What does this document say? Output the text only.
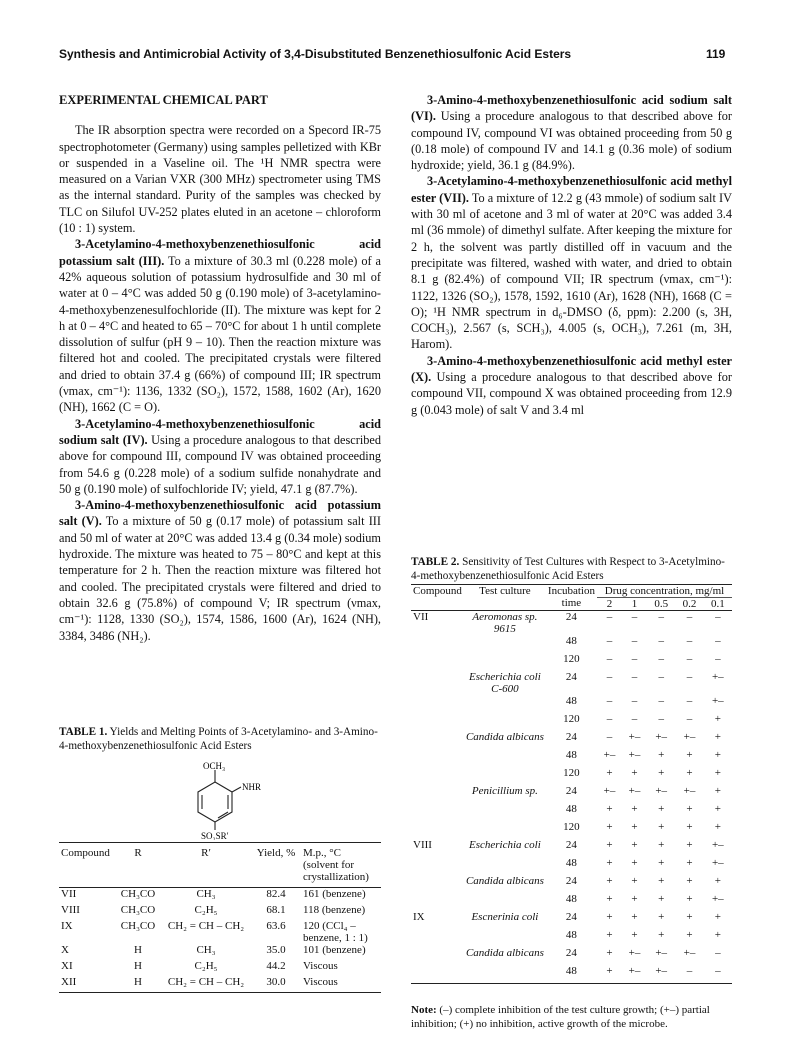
Synthesis and Antimicrobial Activity of 3,4-Disubstituted Benzenethiosulfonic Acid Esters	119
EXPERIMENTAL CHEMICAL PART

The IR absorption spectra were recorded on a Specord IR-75 spectrophotometer (Germany) using samples pelletized with KBr or suspended in a Vaseline oil. The ¹H NMR spectra were measured on a Varian VXR (300 MHz) spectrometer using TMS as the internal standard. Purity of the samples was checked by TLC on Silufol UV-252 plates eluted in an acetone – chloroform (10 : 1) system.

3-Acetylamino-4-methoxybenzenethiosulfonic acid potassium salt (III). To a mixture of 30.3 ml (0.228 mole) of a 42% aqueous solution of potassium hydrosulfide and 30 ml of water at 0 – 4°C was added 50 g (0.190 mole) of 3-acetylamino-4-methoxybenzenesulfochloride (II). The mixture was kept for 2 h at 0 – 4°C and heated to 65 – 70°C for about 1 h until complete dissolution of sulfur (pH 9 – 10). Then the reaction mixture was filtered hot and cooled. The precipitated crystals were filtered and dried to obtain 37.4 g (66%) of compound III; IR spectrum (νmax, cm⁻¹): 1136, 1332 (SO₂), 1572, 1588, 1602 (Ar), 1620 (NH), 1662 (C = O).

3-Acetylamino-4-methoxybenzenethiosulfonic acid sodium salt (IV). Using a procedure analogous to that described above for compound III, compound IV was obtained proceeding from 54.6 g (0.228 mole) of a sodium sulfide nonahydrate and 50 g (0.190 mole) of sulfochloride IV; yield, 47.1 g (87.7%).

3-Amino-4-methoxybenzenethiosulfonic acid potassium salt (V). To a mixture of 50 g (0.17 mole) of potassium salt III and 50 ml of water at 20°C was added 13.4 g (0.34 mole) sodium hydroxide. The mixture was heated to 75 – 80°C and kept at this temperature for 2 h. Then the reaction mixture was filtered hot and cooled. The precipitated crystals were filtered and dried to obtain 32.6 g (75.8%) of compound V; IR spectrum (νmax, cm⁻¹): 1128, 1330 (SO₂), 1574, 1586, 1600 (Ar), 1624 (NH), 3384, 3486 (NH₂).

3-Amino-4-methoxybenzenethiosulfonic acid sodium salt (VI). Using a procedure analogous to that described above for compound IV, compound VI was obtained proceeding from 50 g (0.18 mole) of compound IV and 14.1 g (0.36 mole) of sodium hydroxide; yield, 36.1 g (84.9%).

3-Acetylamino-4-methoxybenzenethiosulfonic acid methyl ester (VII). To a mixture of 12.2 g (43 mmole) of sodium salt IV with 30 ml of acetone and 3 ml of water at 20°C was added 3.4 ml (36 mmole) of dimethyl sulfate. After keeping the mixture for 2 h, the solvent was partly distilled off in vacuum and the precipitate was filtered, washed with water, and dried to obtain 8.1 g (82.4%) of compound VII; IR spectrum (νmax, cm⁻¹): 1122, 1326 (SO₂), 1578, 1592, 1610 (Ar), 1628 (NH), 1668 (C = O); ¹H NMR spectrum in d₆-DMSO (δ, ppm): 2.200 (s, 3H, COCH₃), 2.567 (s, SCH₃), 4.005 (s, OCH₃), 7.261 (m, 3H, Harom).

3-Amino-4-methoxybenzenethiosulfonic acid methyl ester (X). Using a procedure analogous to that described above for compound VII, compound X was obtained proceeding from 12.9 g (0.043 mole) of salt V and 3.4 ml

TABLE 1. Yields and Melting Points of 3-Acetylamino- and 3-Amino- 4-methoxybenzenethiosulfonic Acid Esters
OCH₃
NHR
SO₂SR′
Compound	R	R′	Yield, %	M.p., °C (solvent for crystallization)
VII	CH₃CO	CH₃	82.4	161 (benzene)
VIII	CH₃CO	C₂H₅	68.1	118 (benzene)
IX	CH₃CO	CH₂ = CH – CH₂	63.6	120 (CCl₄ – benzene, 1 : 1)
X	H	CH₃	35.0	101 (benzene)
XI	H	C₂H₅	44.2	Viscous
XII	H	CH₂ = CH – CH₂	30.0	Viscous
TABLE 2. Sensitivity of Test Cultures with Respect to 3-Acetylmino-4-methoxybenzenethiosulfonic Acid Esters
Compound	Test culture	Incubation time	Drug concentration, mg/ml				
			2	1	0.5	0.2	0.1
VII	Aeromonas sp. 9615	24	–	–	–	–	–
		48	–	–	–	–	–
		120	–	–	–	–	–
	Escherichia coli C-600	24	–	–	–	–	+–
		48	–	–	–	–	+–
		120	–	–	–	–	+
	Candida albicans	24	–	+–	+–	+–	+
		48	+–	+–	+	+	+
		120	+	+	+	+	+
	Penicillium sp.	24	+–	+–	+–	+–	+
		48	+	+	+	+	+
		120	+	+	+	+	+
VIII	Escherichia coli	24	+	+	+	+	+–
		48	+	+	+	+	+–
	Candida albicans	24	+	+	+	+	+
		48	+	+	+	+	+–
IX	Escnerinia coli	24	+	+	+	+	+
		48	+	+	+	+	+
	Candida albicans	24	+	+–	+–	+–	–
		48	+	+–	+–	–	–
Note: (–) complete inhibition of the test culture growth; (+–) partial inhibition; (+) no inhibition, active growth of the microbe.
